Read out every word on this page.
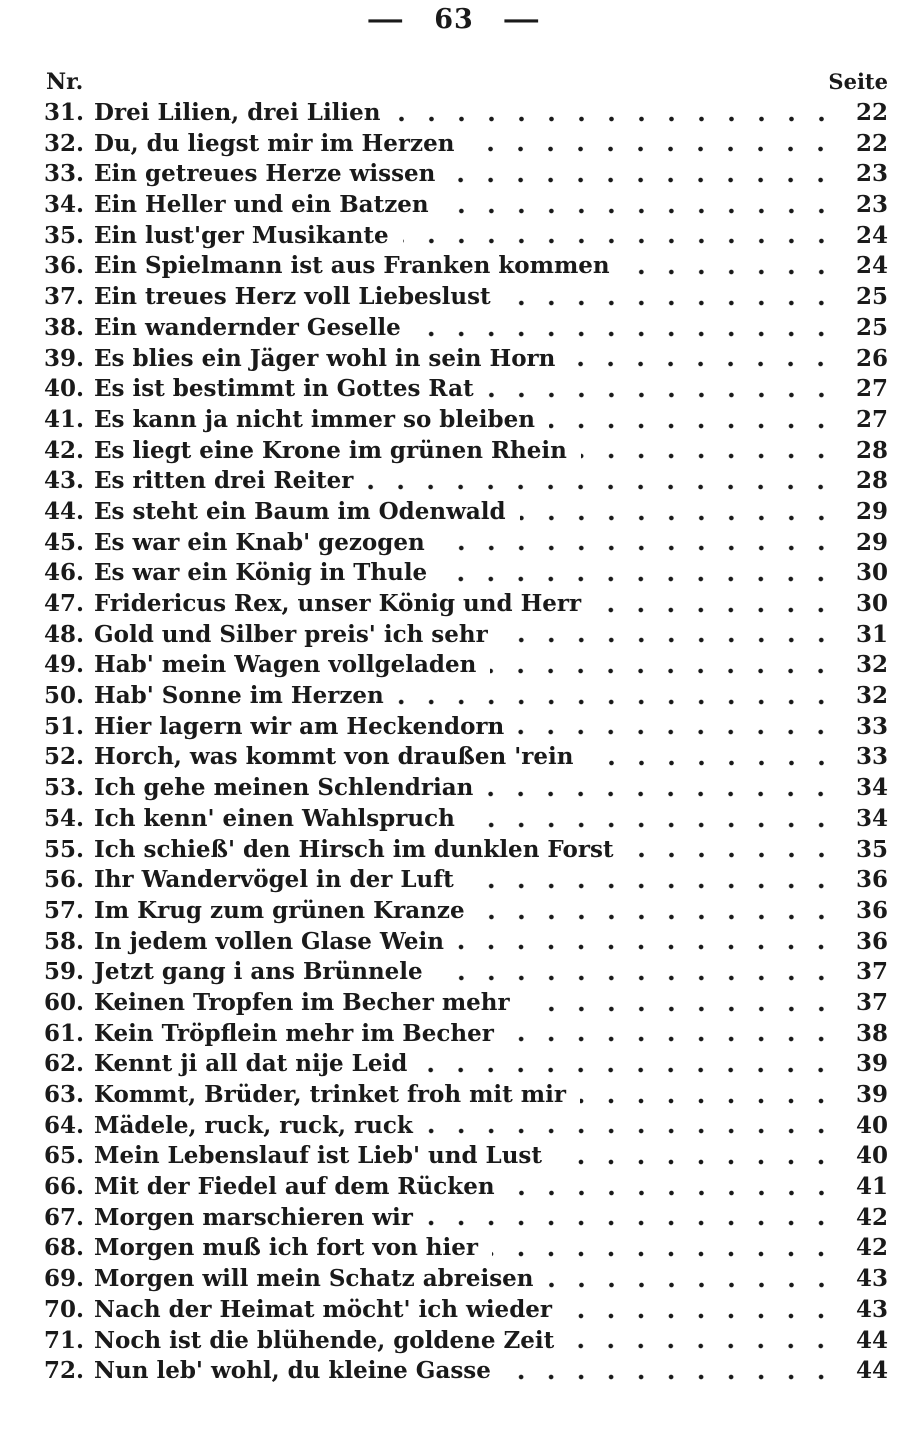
— 63 —
Nr.	Seite
31. Drei Lilien, drei Lilien	22
32. Du, du liegst mir im Herzen	22
33. Ein getreues Herze wissen	23
34. Ein Heller und ein Batzen	23
35. Ein lust'ger Musikante	24
36. Ein Spielmann ist aus Franken kommen	24
37. Ein treues Herz voll Liebeslust	25
38. Ein wandernder Geselle	25
39. Es blies ein Jäger wohl in sein Horn	26
40. Es ist bestimmt in Gottes Rat	27
41. Es kann ja nicht immer so bleiben	27
42. Es liegt eine Krone im grünen Rhein	28
43. Es ritten drei Reiter	28
44. Es steht ein Baum im Odenwald	29
45. Es war ein Knab' gezogen	29
46. Es war ein König in Thule	30
47. Fridericus Rex, unser König und Herr	30
48. Gold und Silber preis' ich sehr	31
49. Hab' mein Wagen vollgeladen	32
50. Hab' Sonne im Herzen	32
51. Hier lagern wir am Heckendorn	33
52. Horch, was kommt von draußen 'rein	33
53. Ich gehe meinen Schlendrian	34
54. Ich kenn' einen Wahlspruch	34
55. Ich schieß' den Hirsch im dunklen Forst	35
56. Ihr Wandervögel in der Luft	36
57. Im Krug zum grünen Kranze	36
58. In jedem vollen Glase Wein	36
59. Jetzt gang i ans Brünnele	37
60. Keinen Tropfen im Becher mehr	37
61. Kein Tröpflein mehr im Becher	38
62. Kennt ji all dat nije Leid	39
63. Kommt, Brüder, trinket froh mit mir	39
64. Mädele, ruck, ruck, ruck	40
65. Mein Lebenslauf ist Lieb' und Lust	40
66. Mit der Fiedel auf dem Rücken	41
67. Morgen marschieren wir	42
68. Morgen muß ich fort von hier	42
69. Morgen will mein Schatz abreisen	43
70. Nach der Heimat möcht' ich wieder	43
71. Noch ist die blühende, goldene Zeit	44
72. Nun leb' wohl, du kleine Gasse	44
